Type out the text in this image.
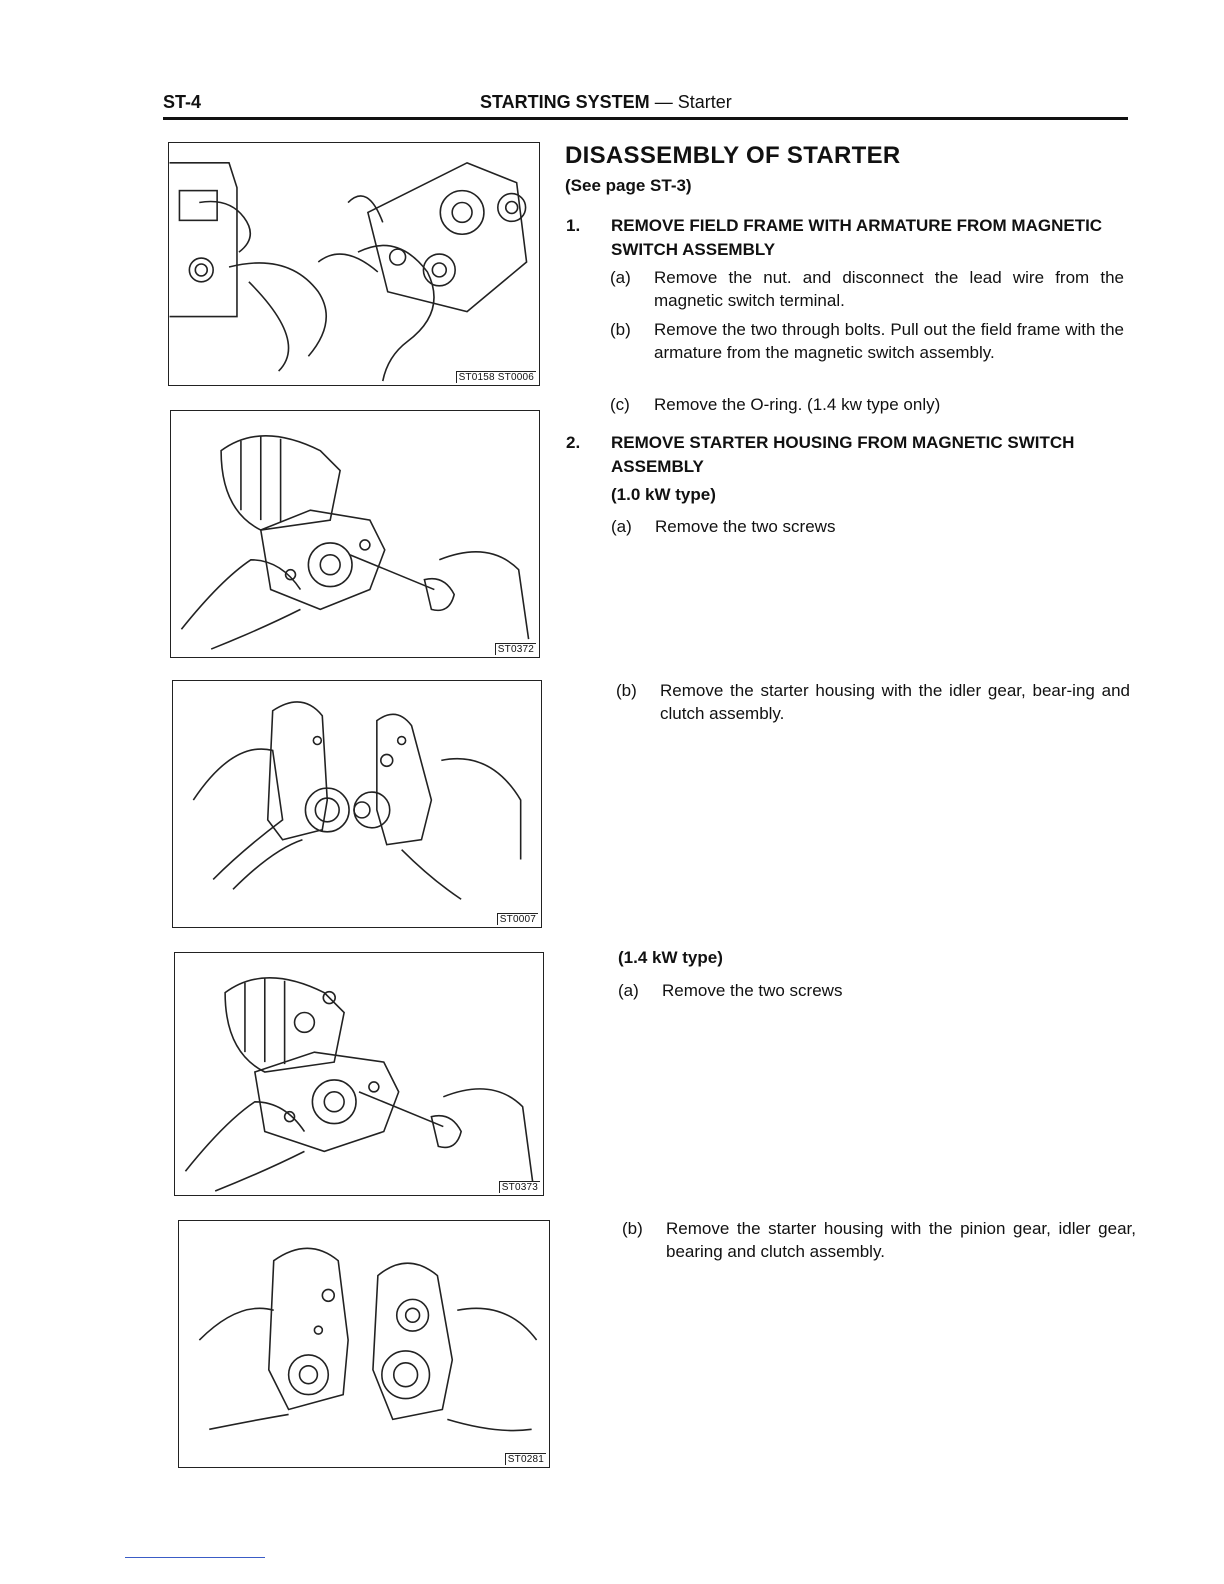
ST-4	STARTING SYSTEM — Starter
ST0158 ST0006
ST0372
ST0007
ST0373
ST0281
DISASSEMBLY OF STARTER
(See page ST-3)
1. REMOVE FIELD FRAME WITH ARMATURE FROM MAGNETIC SWITCH ASSEMBLY
(a) Remove the nut. and disconnect the lead wire from the magnetic switch terminal.
(b) Remove the two through bolts. Pull out the field frame with the armature from the magnetic switch assembly.
(c) Remove the O-ring. (1.4 kw type only)
2. REMOVE STARTER HOUSING FROM MAGNETIC SWITCH ASSEMBLY
(1.0 kW type)
(a) Remove the two screws
(b) Remove the starter housing with the idler gear, bear-ing and clutch assembly.
(1.4 kW type)
(a) Remove the two screws
(b) Remove the starter housing with the pinion gear, idler gear, bearing and clutch assembly.
